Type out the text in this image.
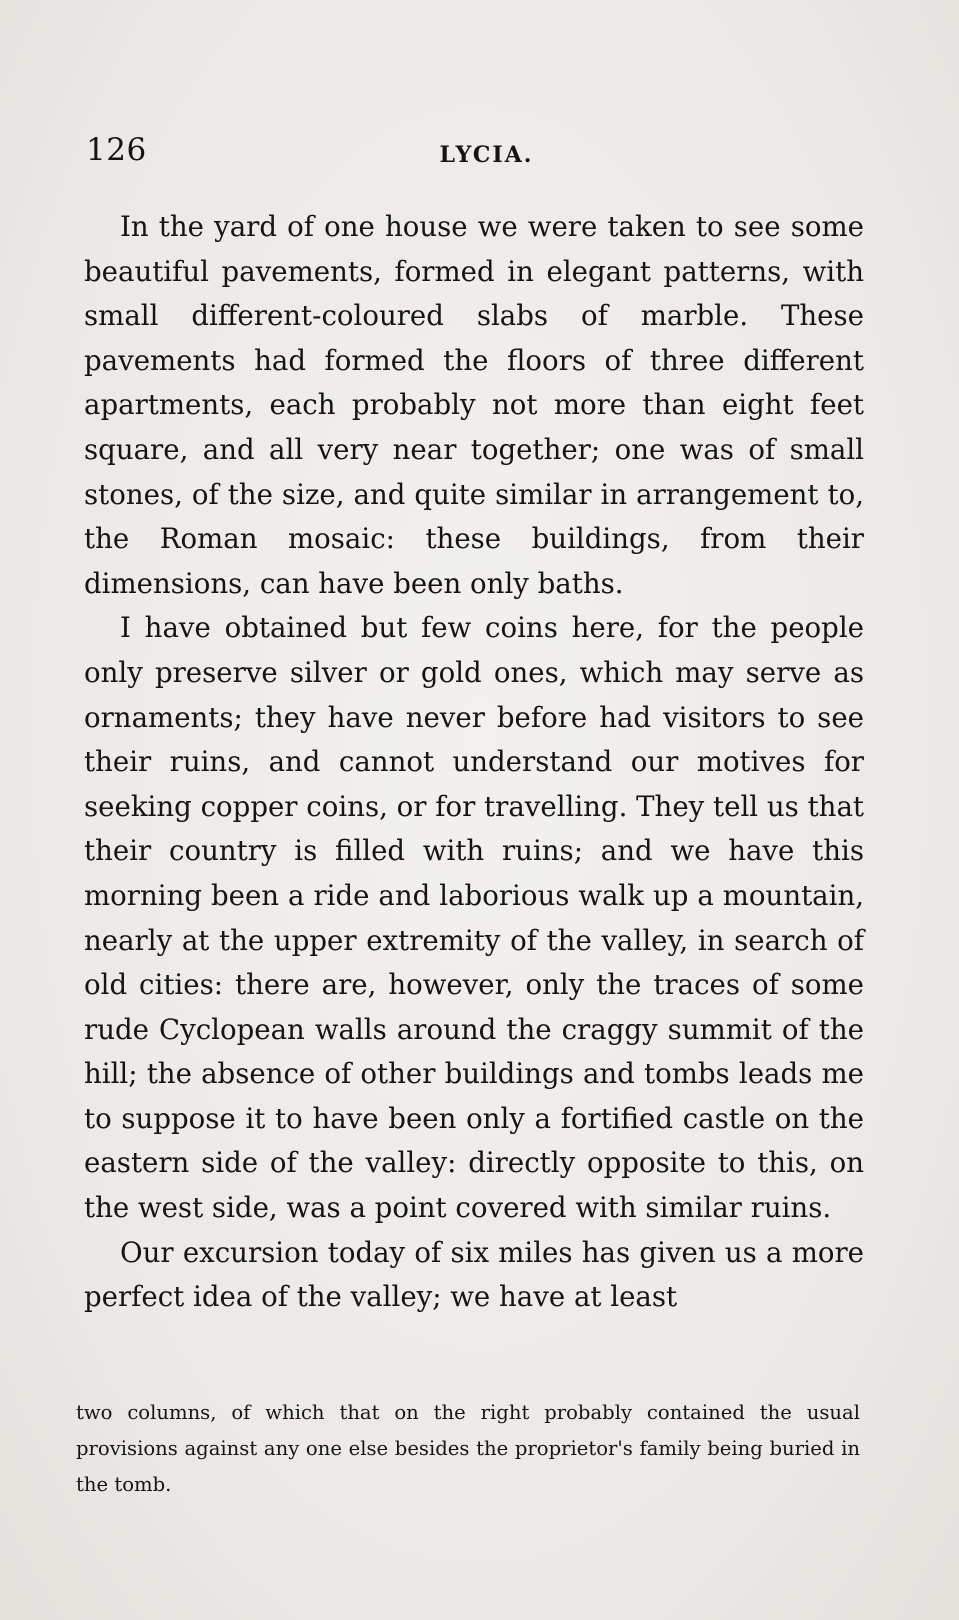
126	LYCIA.

In the yard of one house we were taken to see some beautiful pavements, formed in elegant patterns, with small different-coloured slabs of marble. These pavements had formed the floors of three different apartments, each probably not more than eight feet square, and all very near together; one was of small stones, of the size, and quite similar in arrangement to, the Roman mosaic: these buildings, from their dimensions, can have been only baths.

I have obtained but few coins here, for the people only preserve silver or gold ones, which may serve as ornaments; they have never before had visitors to see their ruins, and cannot understand our motives for seeking copper coins, or for travelling. They tell us that their country is filled with ruins; and we have this morning been a ride and laborious walk up a mountain, nearly at the upper extremity of the valley, in search of old cities: there are, however, only the traces of some rude Cyclopean walls around the craggy summit of the hill; the absence of other buildings and tombs leads me to suppose it to have been only a fortified castle on the eastern side of the valley: directly opposite to this, on the west side, was a point covered with similar ruins.

Our excursion today of six miles has given us a more perfect idea of the valley; we have at least

two columns, of which that on the right probably contained the usual provisions against any one else besides the proprietor's family being buried in the tomb.
